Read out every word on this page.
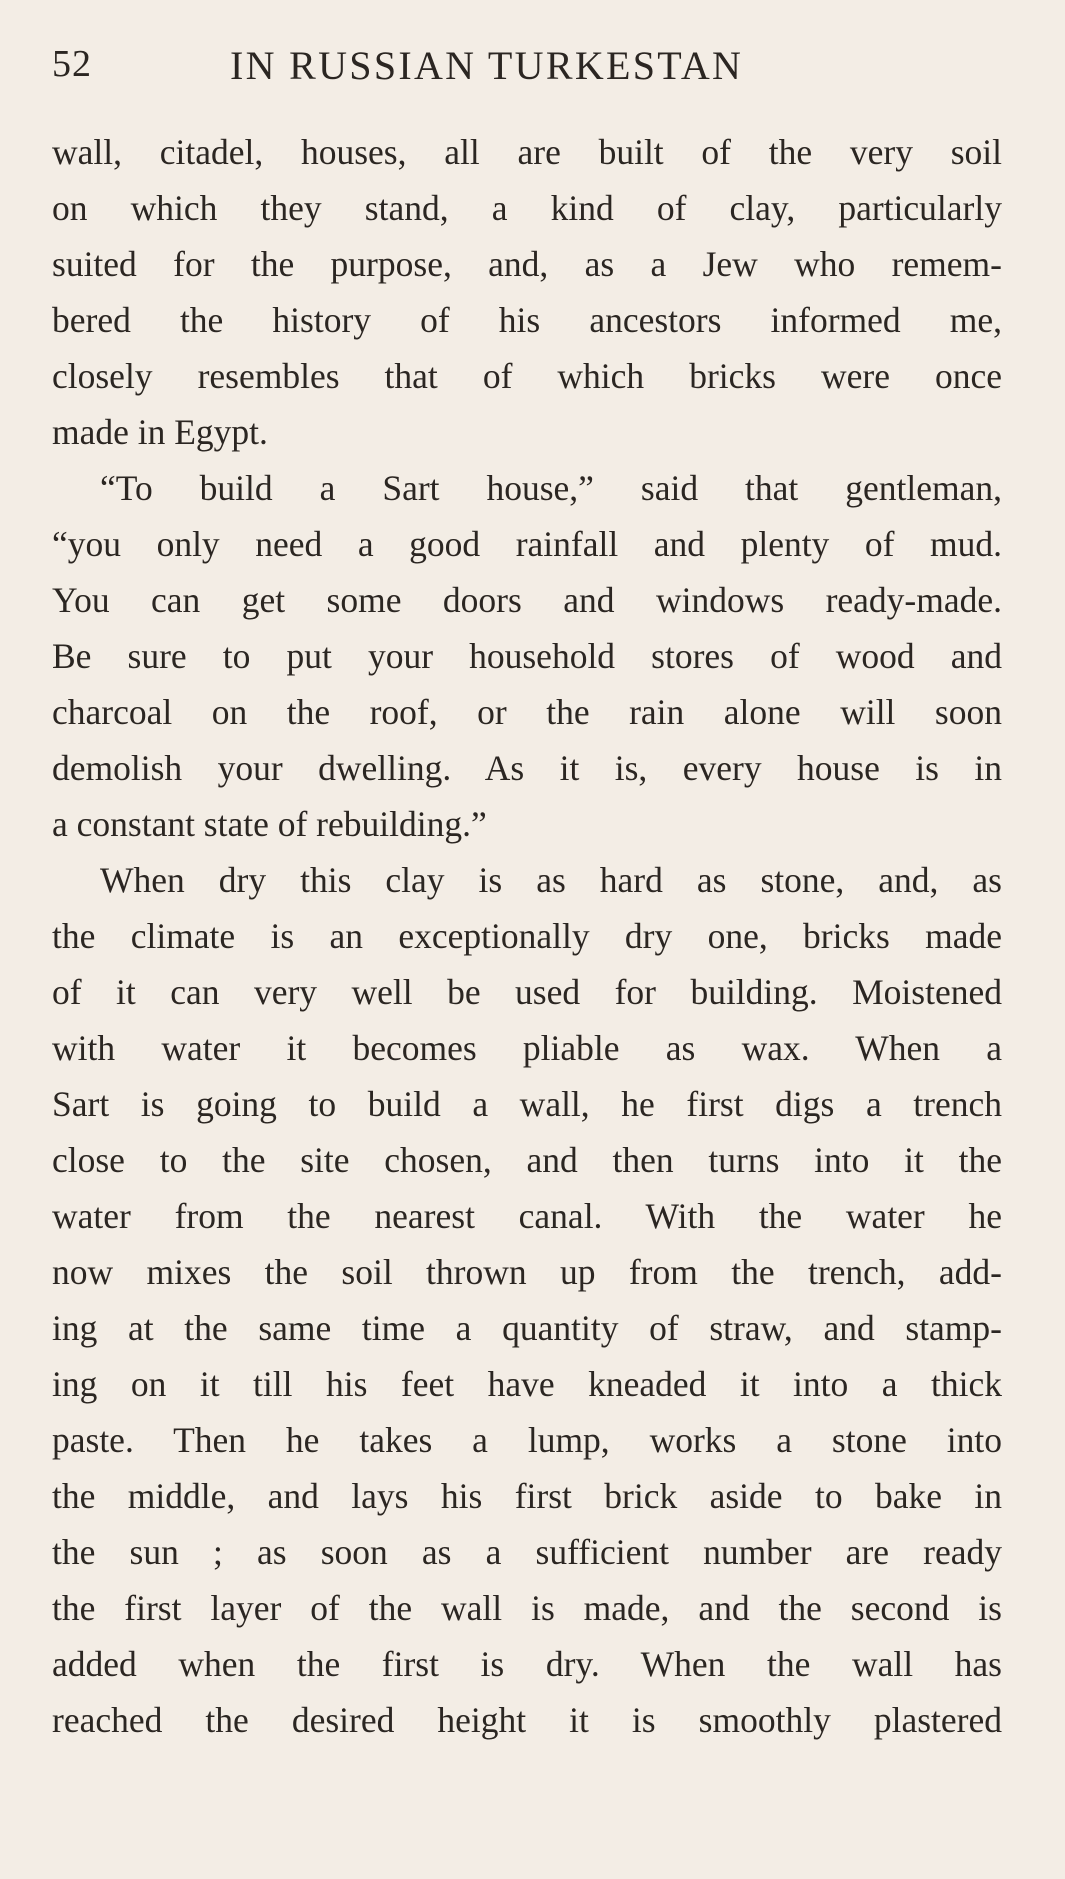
52	IN RUSSIAN TURKESTAN
wall, citadel, houses, all are built of the very soil
on which they stand, a kind of clay, particularly
suited for the purpose, and, as a Jew who remem-
bered the history of his ancestors informed me,
closely resembles that of which bricks were once
made in Egypt.
“To build a Sart house,” said that gentleman,
“you only need a good rainfall and plenty of mud.
You can get some doors and windows ready-made.
Be sure to put your household stores of wood and
charcoal on the roof, or the rain alone will soon
demolish your dwelling. As it is, every house is in
a constant state of rebuilding.”
When dry this clay is as hard as stone, and, as
the climate is an exceptionally dry one, bricks made
of it can very well be used for building. Moistened
with water it becomes pliable as wax. When a
Sart is going to build a wall, he first digs a trench
close to the site chosen, and then turns into it the
water from the nearest canal. With the water he
now mixes the soil thrown up from the trench, add-
ing at the same time a quantity of straw, and stamp-
ing on it till his feet have kneaded it into a thick
paste. Then he takes a lump, works a stone into
the middle, and lays his first brick aside to bake in
the sun ; as soon as a sufficient number are ready
the first layer of the wall is made, and the second is
added when the first is dry. When the wall has
reached the desired height it is smoothly plastered
